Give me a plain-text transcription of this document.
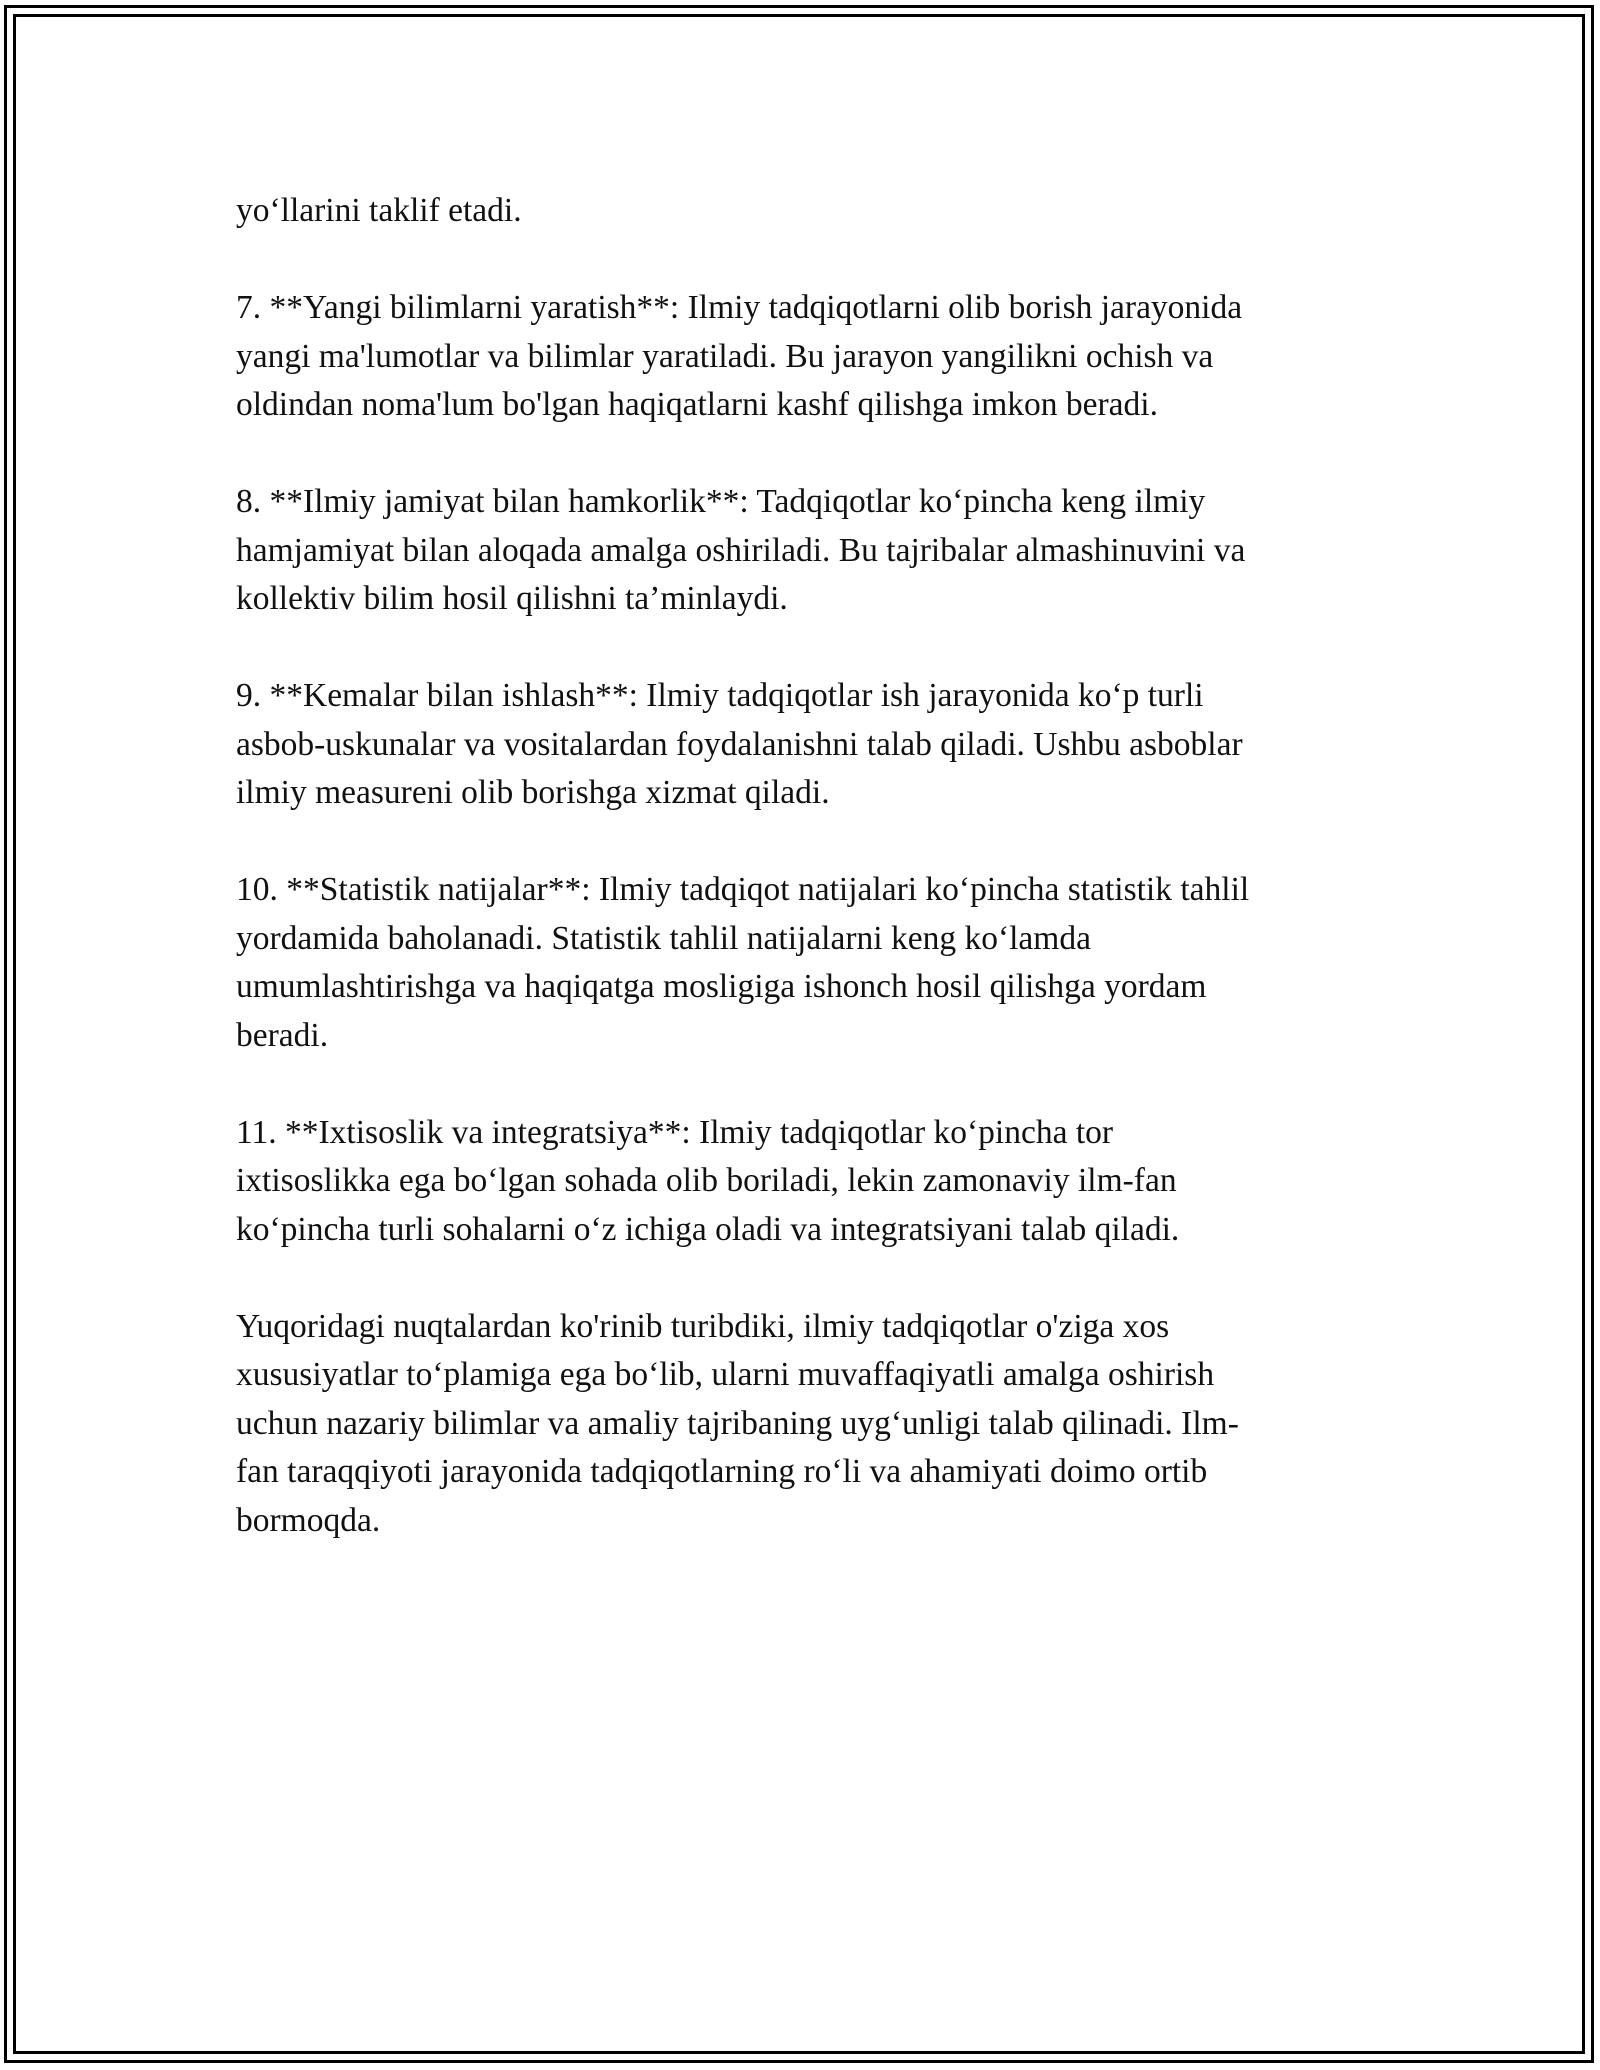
yo‘llarini taklif etadi.

7. **Yangi bilimlarni yaratish**: Ilmiy tadqiqotlarni olib borish jarayonida
yangi ma'lumotlar va bilimlar yaratiladi. Bu jarayon yangilikni ochish va
oldindan noma'lum bo'lgan haqiqatlarni kashf qilishga imkon beradi.

8. **Ilmiy jamiyat bilan hamkorlik**: Tadqiqotlar ko‘pincha keng ilmiy
hamjamiyat bilan aloqada amalga oshiriladi. Bu tajribalar almashinuvini va
kollektiv bilim hosil qilishni ta’minlaydi.

9. **Kemalar bilan ishlash**: Ilmiy tadqiqotlar ish jarayonida ko‘p turli
asbob-uskunalar va vositalardan foydalanishni talab qiladi. Ushbu asboblar
ilmiy measureni olib borishga xizmat qiladi.

10. **Statistik natijalar**: Ilmiy tadqiqot natijalari ko‘pincha statistik tahlil
yordamida baholanadi. Statistik tahlil natijalarni keng ko‘lamda
umumlashtirishga va haqiqatga mosligiga ishonch hosil qilishga yordam
beradi.

11. **Ixtisoslik va integratsiya**: Ilmiy tadqiqotlar ko‘pincha tor
ixtisoslikka ega bo‘lgan sohada olib boriladi, lekin zamonaviy ilm-fan
ko‘pincha turli sohalarni o‘z ichiga oladi va integratsiyani talab qiladi.

Yuqoridagi nuqtalardan ko'rinib turibdiki, ilmiy tadqiqotlar o'ziga xos
xususiyatlar to‘plamiga ega bo‘lib, ularni muvaffaqiyatli amalga oshirish
uchun nazariy bilimlar va amaliy tajribaning uyg‘unligi talab qilinadi. Ilm-
fan taraqqiyoti jarayonida tadqiqotlarning ro‘li va ahamiyati doimo ortib
bormoqda.
